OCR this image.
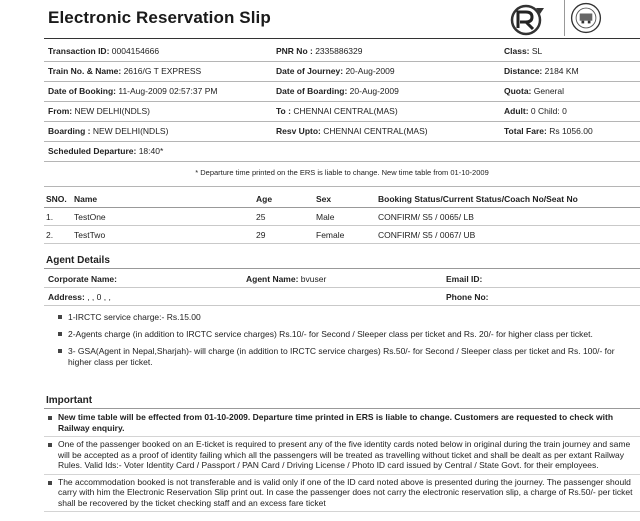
Electronic Reservation Slip
Transaction ID: 0004154666	PNR No : 2335886329	Class: SL
Train No. & Name: 2616/G T EXPRESS	Date of Journey: 20-Aug-2009	Distance: 2184 KM
Date of Booking: 11-Aug-2009 02:57:37 PM	Date of Boarding: 20-Aug-2009	Quota: General
From: NEW DELHI(NDLS)	To : CHENNAI CENTRAL(MAS)	Adult: 0 Child: 0
Boarding : NEW DELHI(NDLS)	Resv Upto: CHENNAI CENTRAL(MAS)	Total Fare: Rs 1056.00
Scheduled Departure: 18:40*
* Departure time printed on the ERS is liable to change. New time table from 01-10-2009
SNO. Name	Age	Sex	Booking Status/Current Status/Coach No/Seat No
1. TestOne	25	Male	CONFIRM/ S5 / 0065/ LB
2. TestTwo	29	Female	CONFIRM/ S5 / 0067/ UB
Agent Details
Corporate Name:	Agent Name: bvuser	Email ID:
Address: , , 0 , ,	Phone No:
1-IRCTC service charge:- Rs.15.00
2-Agents charge (in addition to IRCTC service charges) Rs.10/- for Second / Sleeper class per ticket and Rs. 20/- for higher class per ticket.
3- GSA(Agent in Nepal,Sharjah)- will charge (in addition to IRCTC service charges) Rs.50/- for Second / Sleeper class per ticket and Rs. 100/- for higher class per ticket.
Important
New time table will be effected from 01-10-2009. Departure time printed in ERS is liable to change. Customers are requested to check with Railway enquiry.
One of the passenger booked on an E-ticket is required to present any of the five identity cards noted below in original during the train journey and same will be accepted as a proof of identity failing which all the passengers will be treated as travelling without ticket and shall be dealt as per extant Railway Rules. Valid Ids:- Voter Identity Card / Passport / PAN Card / Driving License / Photo ID card issued by Central / State Govt. for their employees.
The accommodation booked is not transferable and is valid only if one of the ID card noted above is presented during the journey. The passenger should carry with him the Electronic Reservation Slip print out. In case the passenger does not carry the electronic reservation slip, a charge of Rs.50/- per ticket shall be recovered by the ticket checking staff and an excess fare ticket
